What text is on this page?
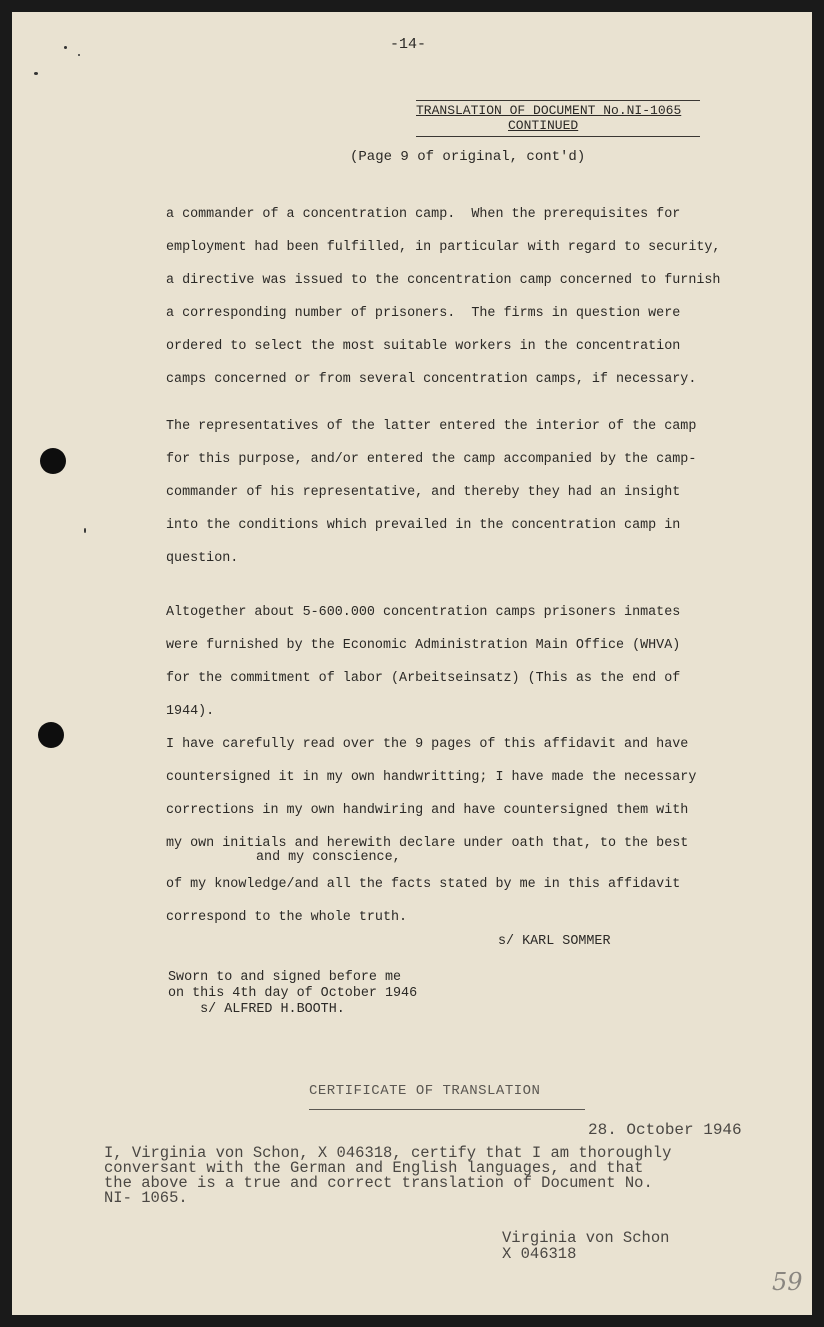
-14-
TRANSLATION OF DOCUMENT No.NI-1065
CONTINUED
(Page 9 of original, cont'd)
a commander of a concentration camp.  When the prerequisites for
employment had been fulfilled, in particular with regard to security,
a directive was issued to the concentration camp concerned to furnish
a corresponding number of prisoners.  The firms in question were
ordered to select the most suitable workers in the concentration
camps concerned or from several concentration camps, if necessary.
The representatives of the latter entered the interior of the camp
for this purpose, and/or entered the camp accompanied by the camp-
commander of his representative, and thereby they had an insight
into the conditions which prevailed in the concentration camp in
question.
Altogether about 5-600.000 concentration camps prisoners inmates
were furnished by the Economic Administration Main Office (WHVA)
for the commitment of labor (Arbeitseinsatz) (This as the end of
1944).
I have carefully read over the 9 pages of this affidavit and have
countersigned it in my own handwritting; I have made the necessary
corrections in my own handwiring and have countersigned them with
my own initials and herewith declare under oath that, to the best
and my conscience,
of my knowledge/and all the facts stated by me in this affidavit
correspond to the whole truth.
s/ KARL SOMMER
Sworn to and signed before me
on this 4th day of October 1946
s/ ALFRED H.BOOTH.
CERTIFICATE OF TRANSLATION
28. October 1946
I, Virginia von Schon, X 046318, certify that I am thoroughly
conversant with the German and English languages, and that
the above is a true and correct translation of Document No.
NI- 1065.
Virginia von Schon
X 046318
59
